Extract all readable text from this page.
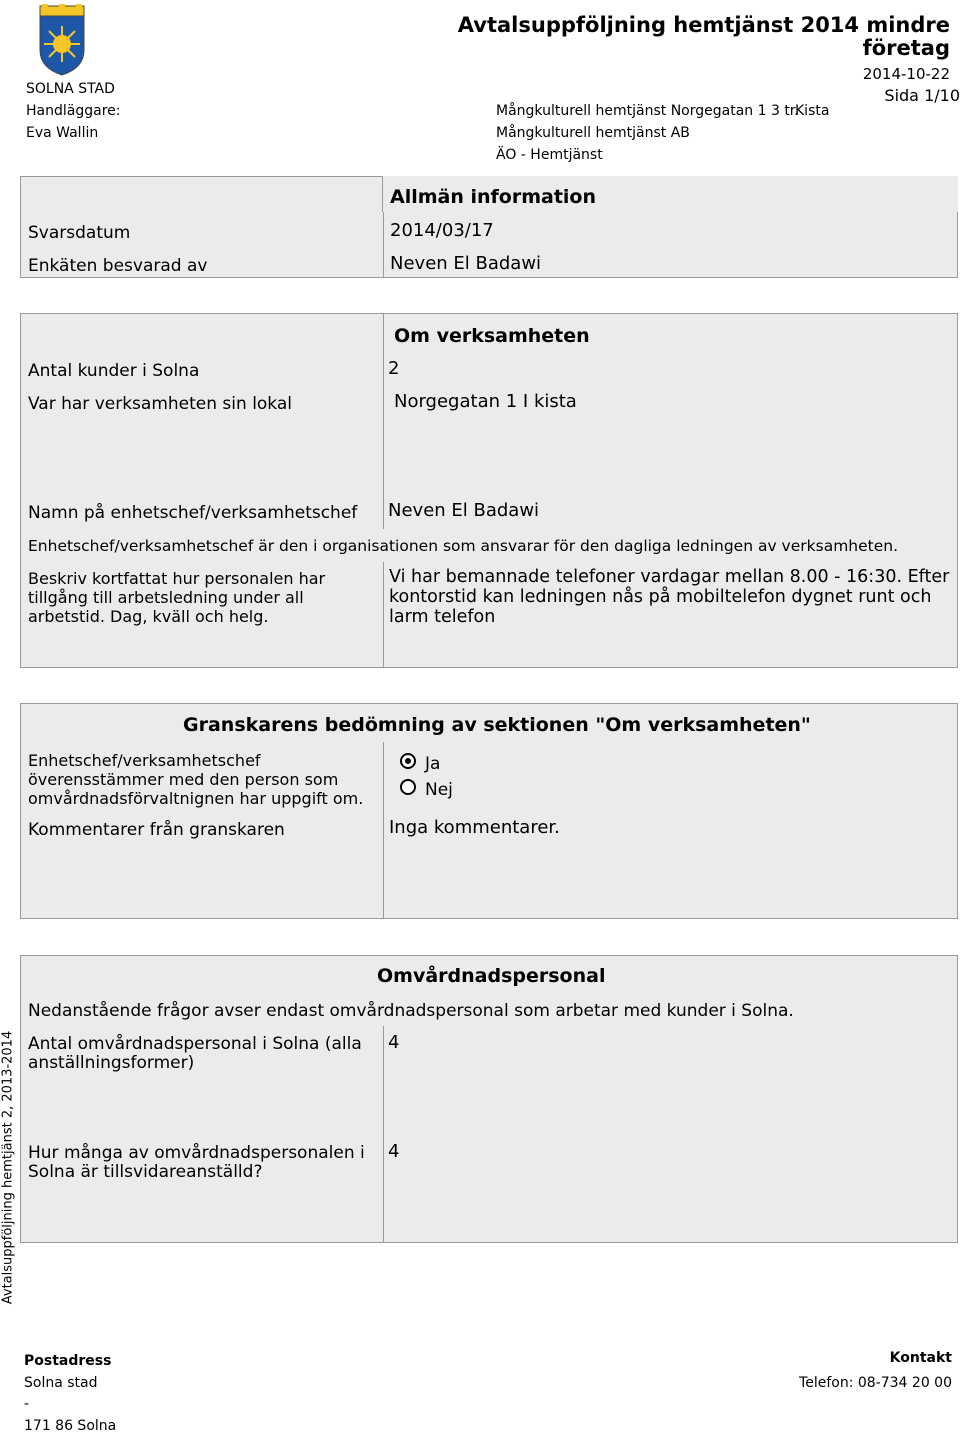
SOLNA STAD
Handläggare:
Eva Wallin
Avtalsuppföljning hemtjänst 2014 mindre
företag
2014-10-22
Sida 1/10
Mångkulturell hemtjänst Norgegatan 1 3 tr.
Kista
Mångkulturell hemtjänst AB
ÄO - Hemtjänst
Allmän information
Svarsdatum	2014/03/17
Enkäten besvarad av	Neven El Badawi
Om verksamheten
Antal kunder i Solna	2
Var har verksamheten sin lokal	Norgegatan 1 I kista
Namn på enhetschef/verksamhetschef Neven El Badawi
Enhetschef/verksamhetschef är den i organisationen som ansvarar för den dagliga ledningen av verksamheten.
Beskriv kortfattat hur personalen har tillgång till arbetsledning under all arbetstid. Dag, kväll och helg.
Vi har bemannade telefoner vardagar mellan 8.00 - 16:30. Efter kontorstid kan ledningen nås på mobiltelefon dygnet runt och larm telefon
Granskarens bedömning av sektionen "Om verksamheten"
Enhetschef/verksamhetschef överensstämmer med den person som omvårdnadsförvaltnignen har uppgift om.
Ja
Nej
Kommentarer från granskaren	Inga kommentarer.
Omvårdnadspersonal
Nedanstående frågor avser endast omvårdnadspersonal som arbetar med kunder i Solna.
Antal omvårdnadspersonal i Solna (alla anställningsformer)
4
Hur många av omvårdnadspersonalen i Solna är tillsvidareanställd?
4
Avtalsuppföljning hemtjänst 2, 2013-2014
Postadress
Solna stad
-
171 86 Solna
Kontakt
Telefon: 08-734 20 00
